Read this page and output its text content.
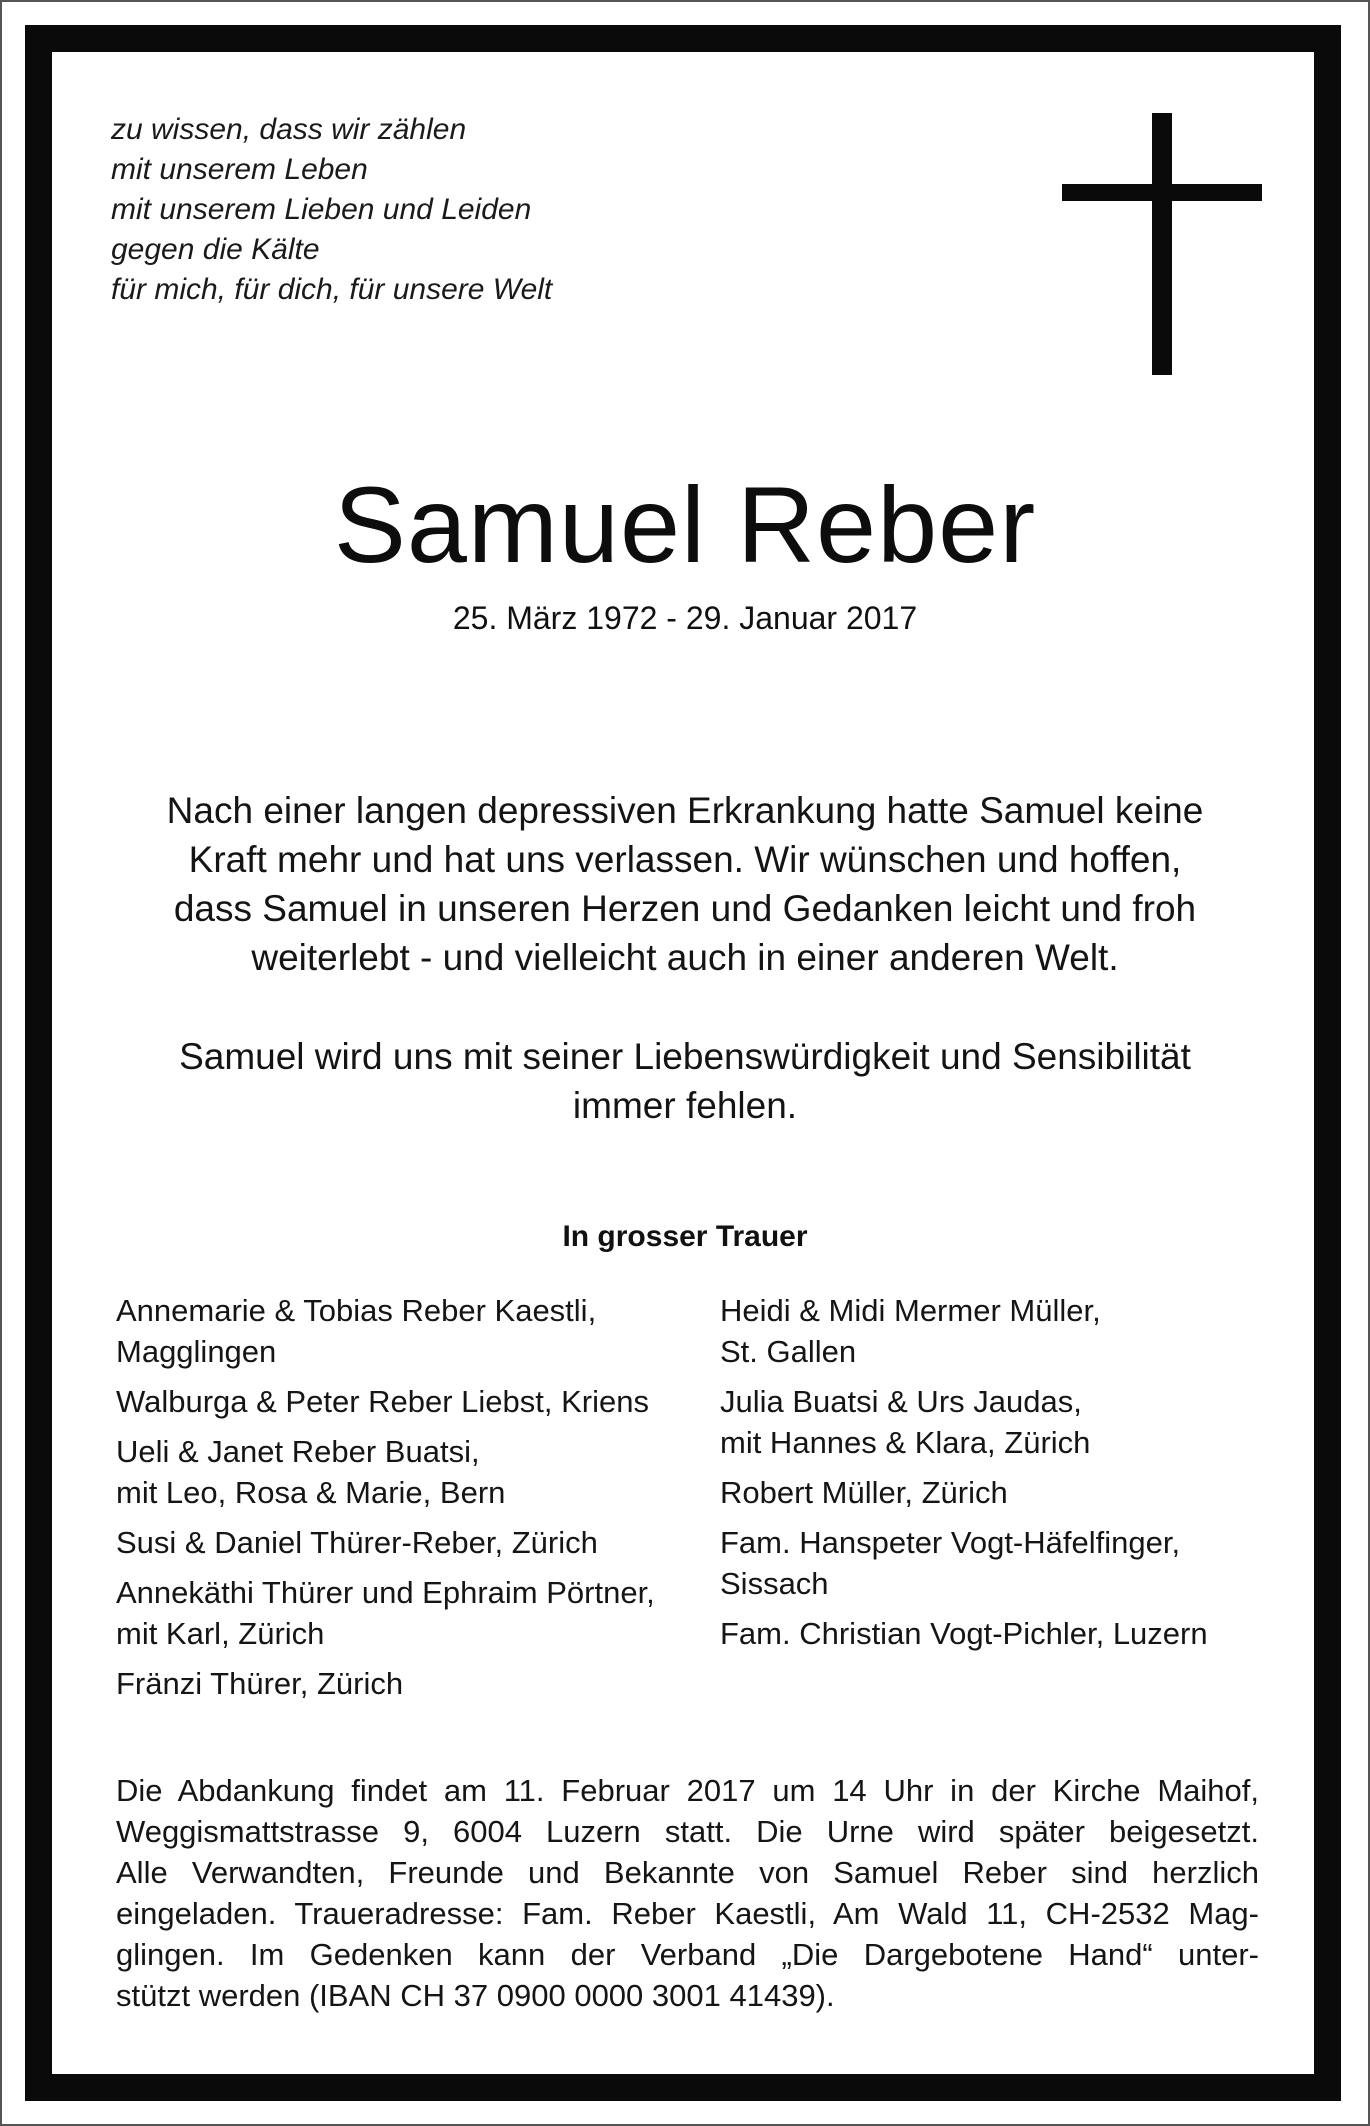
zu wissen, dass wir zählen
mit unserem Leben
mit unserem Lieben und Leiden
gegen die Kälte
für mich, für dich, für unsere Welt
Samuel Reber
25. März 1972 - 29. Januar 2017
Nach einer langen depressiven Erkrankung hatte Samuel keine
Kraft mehr und hat uns verlassen. Wir wünschen und hoffen,
dass Samuel in unseren Herzen und Gedanken leicht und froh
weiterlebt - und vielleicht auch in einer anderen Welt.
Samuel wird uns mit seiner Liebenswürdigkeit und Sensibilität
immer fehlen.
In grosser Trauer
Annemarie & Tobias Reber Kaestli,
Magglingen
Walburga & Peter Reber Liebst, Kriens
Ueli & Janet Reber Buatsi,
mit Leo, Rosa & Marie, Bern
Susi & Daniel Thürer-Reber, Zürich
Annekäthi Thürer und Ephraim Pörtner,
mit Karl, Zürich
Fränzi Thürer, Zürich
Heidi & Midi Mermer Müller,
St. Gallen
Julia Buatsi & Urs Jaudas,
mit Hannes & Klara, Zürich
Robert Müller, Zürich
Fam. Hanspeter Vogt-Häfelfinger,
Sissach
Fam. Christian Vogt-Pichler, Luzern
Die Abdankung findet am 11. Februar 2017 um 14 Uhr in der Kirche Maihof,
Weggismattstrasse 9, 6004 Luzern statt. Die Urne wird später beigesetzt.
Alle Verwandten, Freunde und Bekannte von Samuel Reber sind herzlich
eingeladen. Traueradresse: Fam. Reber Kaestli, Am Wald 11, CH-2532 Mag-
glingen. Im Gedenken kann der Verband „Die Dargebotene Hand“ unter-
stützt werden (IBAN CH 37 0900 0000 3001 41439).
